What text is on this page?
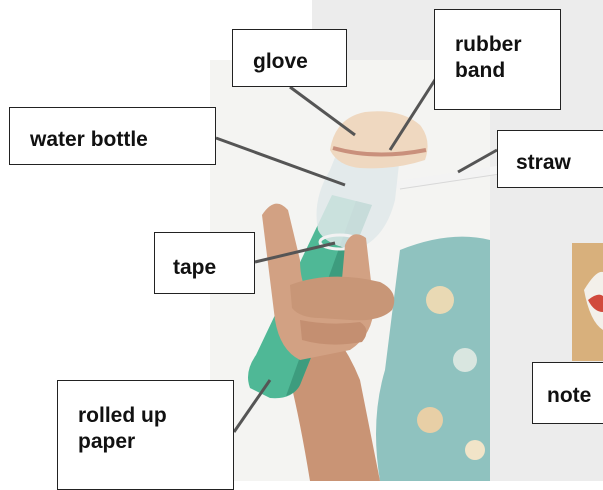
glove
rubber
band
water bottle
straw
tape
rolled up
paper
note
